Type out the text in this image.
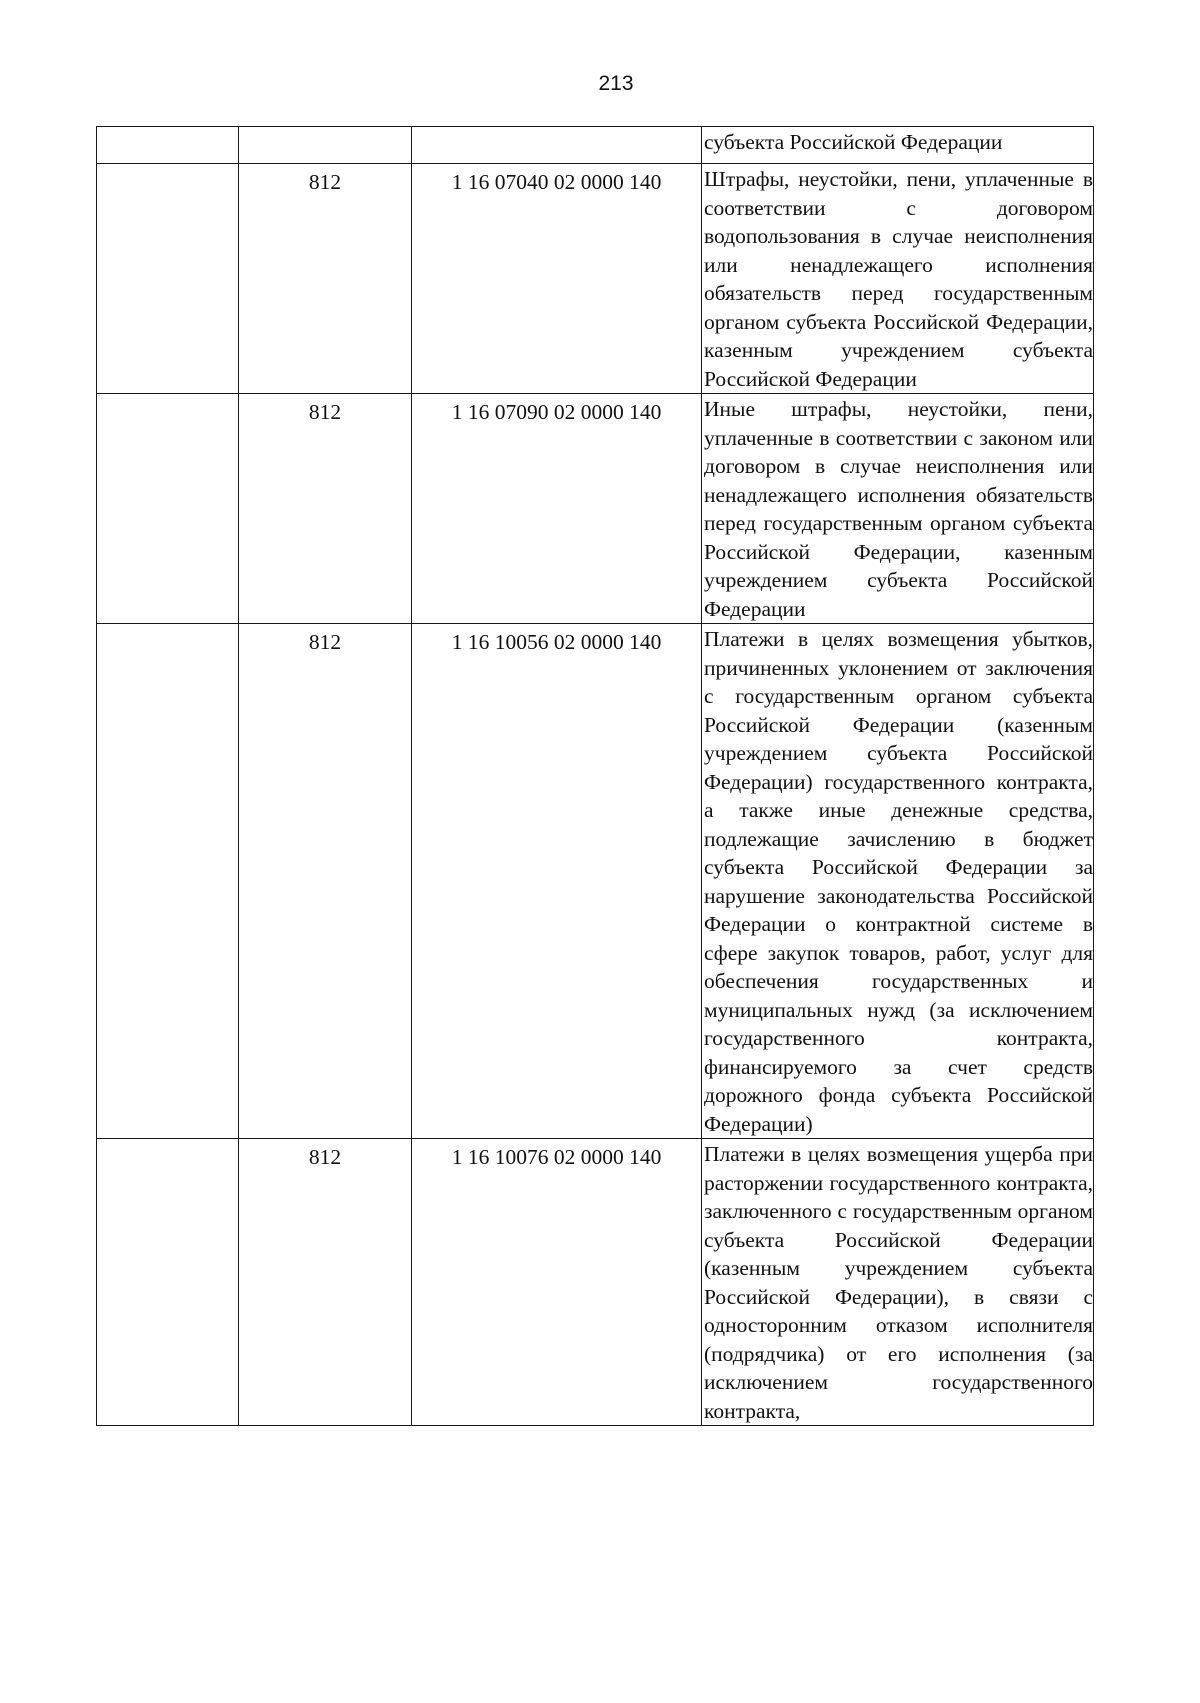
213
			субъекта Российской Федерации
	812	1 16 07040 02 0000 140	Штрафы, неустойки, пени, уплаченные в соответствии с договором водопользования в случае неисполнения или ненадлежащего исполнения обязательств перед государственным органом субъекта Российской Федерации, казенным учреждением субъекта Российской Федерации
	812	1 16 07090 02 0000 140	Иные штрафы, неустойки, пени, уплаченные в соответствии с законом или договором в случае неисполнения или ненадлежащего исполнения обязательств перед государственным органом субъекта Российской Федерации, казенным учреждением субъекта Российской Федерации
	812	1 16 10056 02 0000 140	Платежи в целях возмещения убытков, причиненных уклонением от заключения с государственным органом субъекта Российской Федерации (казенным учреждением субъекта Российской Федерации) государственного контракта, а также иные денежные средства, подлежащие зачислению в бюджет субъекта Российской Федерации за нарушение законодательства Российской Федерации о контрактной системе в сфере закупок товаров, работ, услуг для обеспечения государственных и муниципальных нужд (за исключением государственного контракта, финансируемого за счет средств дорожного фонда субъекта Российской Федерации)
	812	1 16 10076 02 0000 140	Платежи в целях возмещения ущерба при расторжении государственного контракта, заключенного с государственным органом субъекта Российской Федерации (казенным учреждением субъекта Российской Федерации), в связи с односторонним отказом исполнителя (подрядчика) от его исполнения (за исключением государственного контракта,
